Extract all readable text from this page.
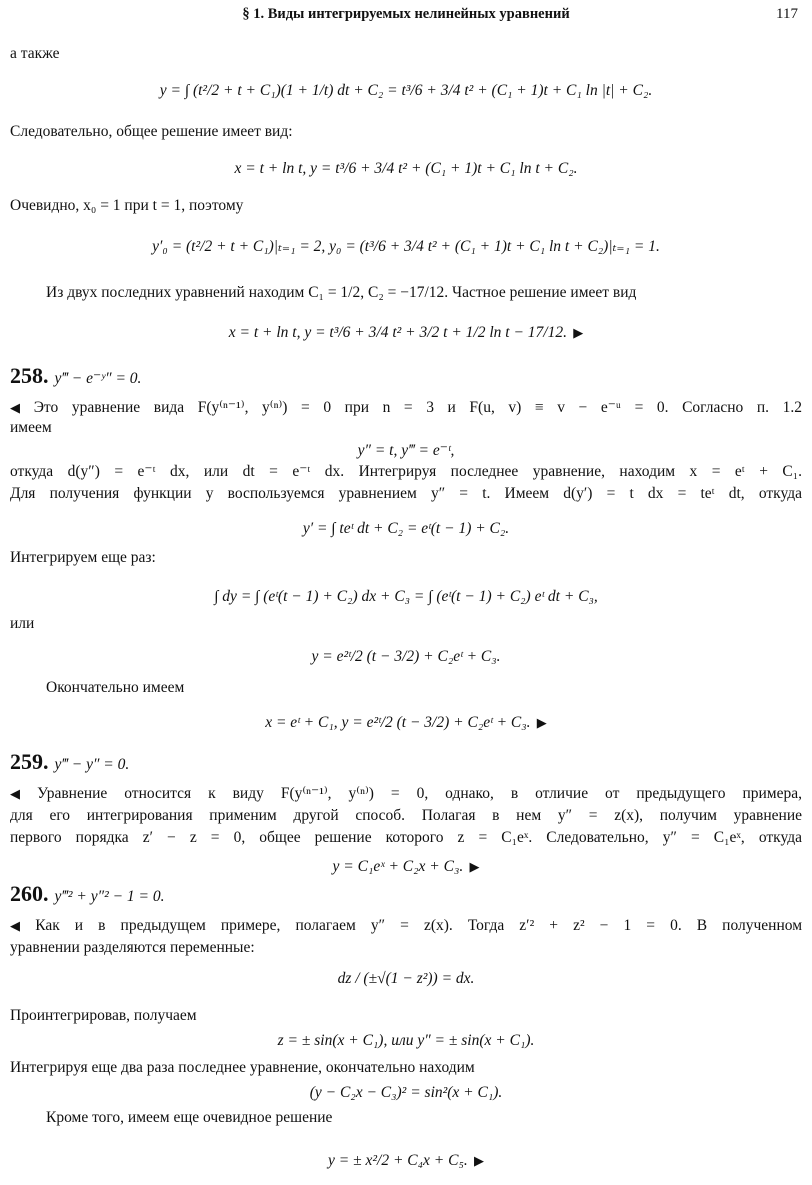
§ 1. Виды интегрируемых нелинейных уравнений	117
а также
y = ∫ (t²/2 + t + C₁)(1 + 1/t) dt + C₂ = t³/6 + 3/4 t² + (C₁ + 1)t + C₁ ln |t| + C₂.
Следовательно, общее решение имеет вид:
x = t + ln t, y = t³/6 + 3/4 t² + (C₁ + 1)t + C₁ ln t + C₂.
Очевидно, x₀ = 1 при t = 1, поэтому
y′₀ = (t²/2 + t + C₁)|ₜ₌₁ = 2, y₀ = (t³/6 + 3/4 t² + (C₁ + 1)t + C₁ ln t + C₂)|ₜ₌₁ = 1.
Из двух последних уравнений находим C₁ = 1/2, C₂ = −17/12. Частное решение имеет вид
x = t + ln t, y = t³/6 + 3/4 t² + 3/2 t + 1/2 ln t − 17/12. ▶
258. y‴ − e⁻ʸ″ = 0.
◀ Это уравнение вида F(y⁽ⁿ⁻¹⁾, y⁽ⁿ⁾) = 0 при n = 3 и F(u, v) ≡ v − e⁻ᵘ = 0. Согласно п. 1.2
имеем
y″ = t, y‴ = e⁻ᵗ,
откуда d(y″) = e⁻ᵗ dx, или dt = e⁻ᵗ dx. Интегрируя последнее уравнение, находим x = eᵗ + C₁.
Для получения функции y воспользуемся уравнением y″ = t. Имеем d(y′) = t dx = teᵗ dt, откуда
y′ = ∫ teᵗ dt + C₂ = eᵗ(t − 1) + C₂.
Интегрируем еще раз:
∫ dy = ∫ (eᵗ(t − 1) + C₂) dx + C₃ = ∫ (eᵗ(t − 1) + C₂) eᵗ dt + C₃,
или
y = e²ᵗ/2 (t − 3/2) + C₂eᵗ + C₃.
Окончательно имеем
x = eᵗ + C₁, y = e²ᵗ/2 (t − 3/2) + C₂eᵗ + C₃. ▶
259. y‴ − y″ = 0.
◀ Уравнение относится к виду F(y⁽ⁿ⁻¹⁾, y⁽ⁿ⁾) = 0, однако, в отличие от предыдущего примера,
для его интегрирования применим другой способ. Полагая в нем y″ = z(x), получим уравнение
первого порядка z′ − z = 0, общее решение которого z = C₁eˣ. Следовательно, y″ = C₁eˣ, откуда
y = C₁eˣ + C₂x + C₃. ▶
260. y‴² + y″² − 1 = 0.
◀ Как и в предыдущем примере, полагаем y″ = z(x). Тогда z′² + z² − 1 = 0. В полученном
уравнении разделяются переменные:
dz / (±√(1 − z²)) = dx.
Проинтегрировав, получаем
z = ± sin(x + C₁), или y″ = ± sin(x + C₁).
Интегрируя еще два раза последнее уравнение, окончательно находим
(y − C₂x − C₃)² = sin²(x + C₁).
Кроме того, имеем еще очевидное решение
y = ± x²/2 + C₄x + C₅. ▶
